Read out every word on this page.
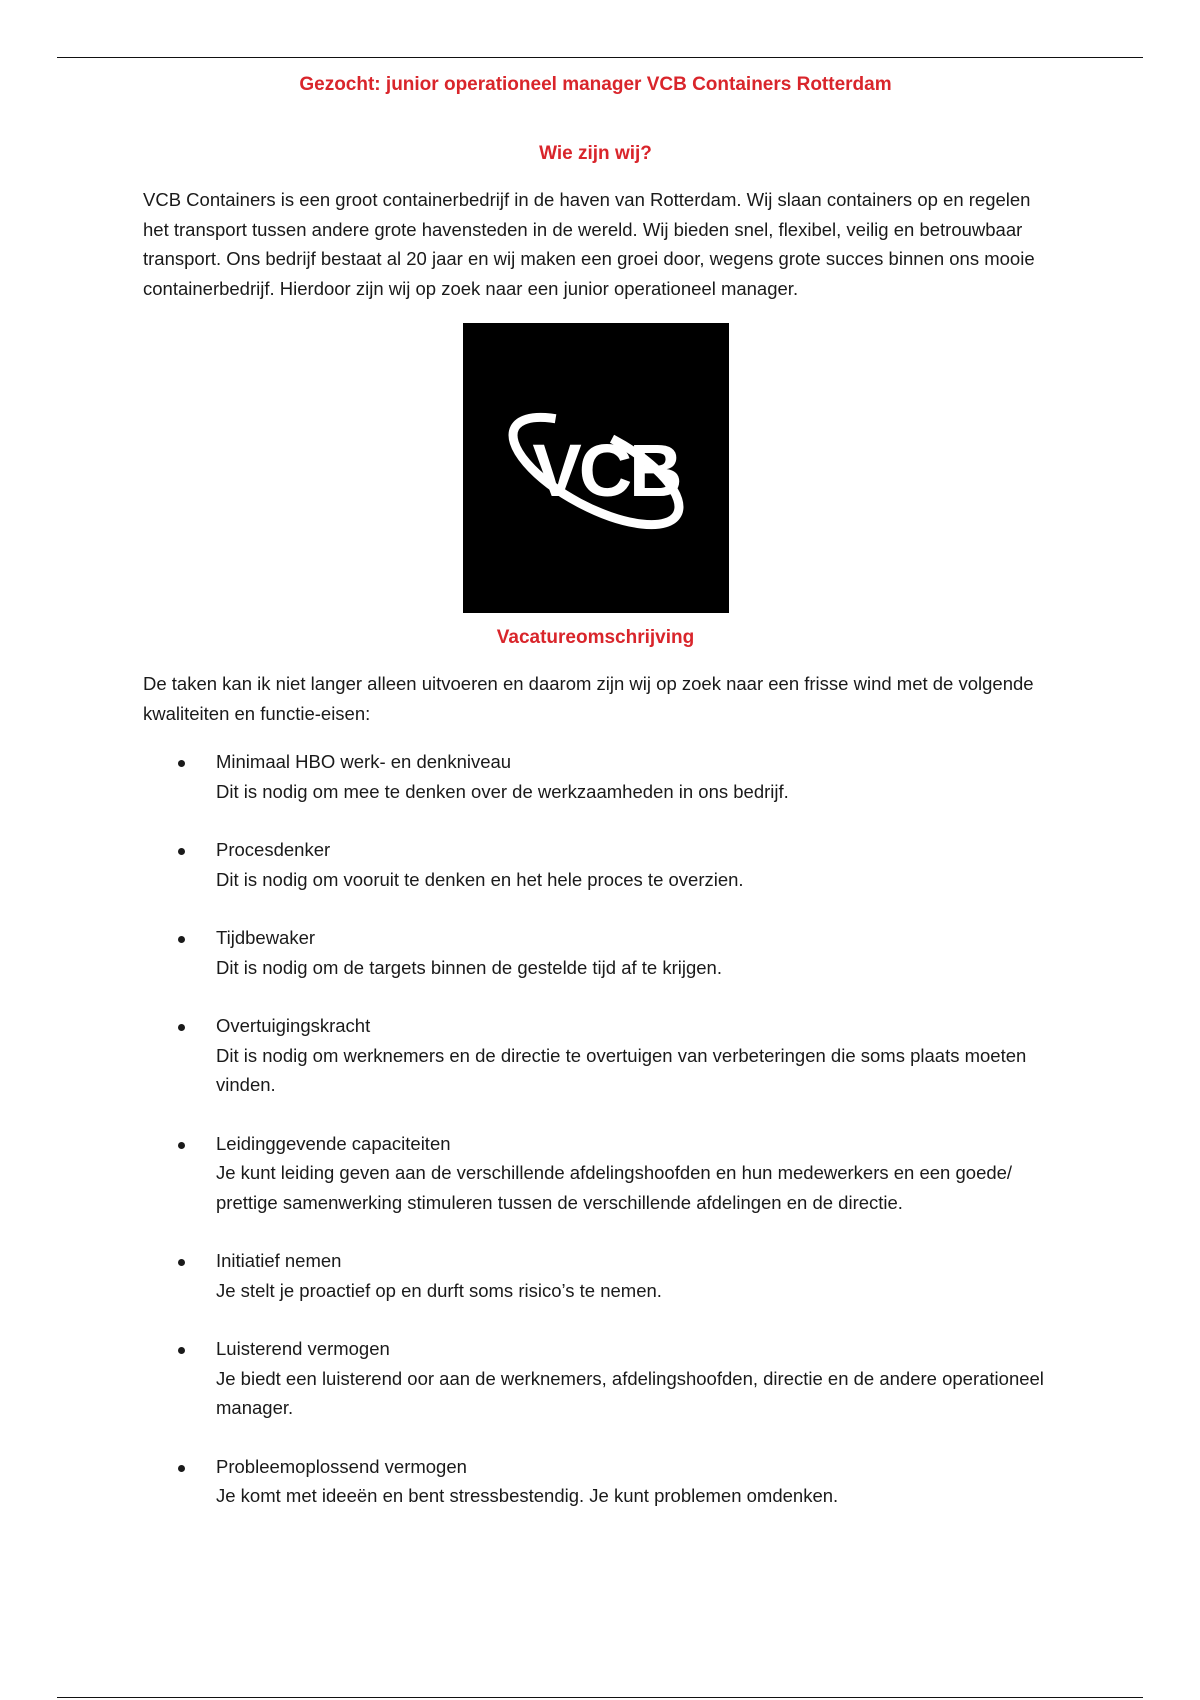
Gezocht: junior operationeel manager VCB Containers Rotterdam
Wie zijn wij?

VCB Containers is een groot containerbedrijf in de haven van Rotterdam. Wij slaan containers op en regelen het transport tussen andere grote havensteden in de wereld. Wij bieden snel, flexibel, veilig en betrouwbaar transport. Ons bedrijf bestaat al 20 jaar en wij maken een groei door, wegens grote succes binnen ons mooie containerbedrijf. Hierdoor zijn wij op zoek naar een junior operationeel manager.

VCB
Vacatureomschrijving

De taken kan ik niet langer alleen uitvoeren en daarom zijn wij op zoek naar een frisse wind met de volgende kwaliteiten en functie-eisen:

Minimaal HBO werk- en denkniveau
Dit is nodig om mee te denken over de werkzaamheden in ons bedrijf.
Procesdenker
Dit is nodig om vooruit te denken en het hele proces te overzien.
Tijdbewaker
Dit is nodig om de targets binnen de gestelde tijd af te krijgen.
Overtuigingskracht
Dit is nodig om werknemers en de directie te overtuigen van verbeteringen die soms plaats moeten vinden.
Leidinggevende capaciteiten
Je kunt leiding geven aan de verschillende afdelingshoofden en hun medewerkers en een goede/ prettige samenwerking stimuleren tussen de verschillende afdelingen en de directie.
Initiatief nemen
Je stelt je proactief op en durft soms risico’s te nemen.
Luisterend vermogen
Je biedt een luisterend oor aan de werknemers, afdelingshoofden, directie en de andere operationeel manager.
Probleemoplossend vermogen
Je komt met ideeën en bent stressbestendig. Je kunt problemen omdenken.
